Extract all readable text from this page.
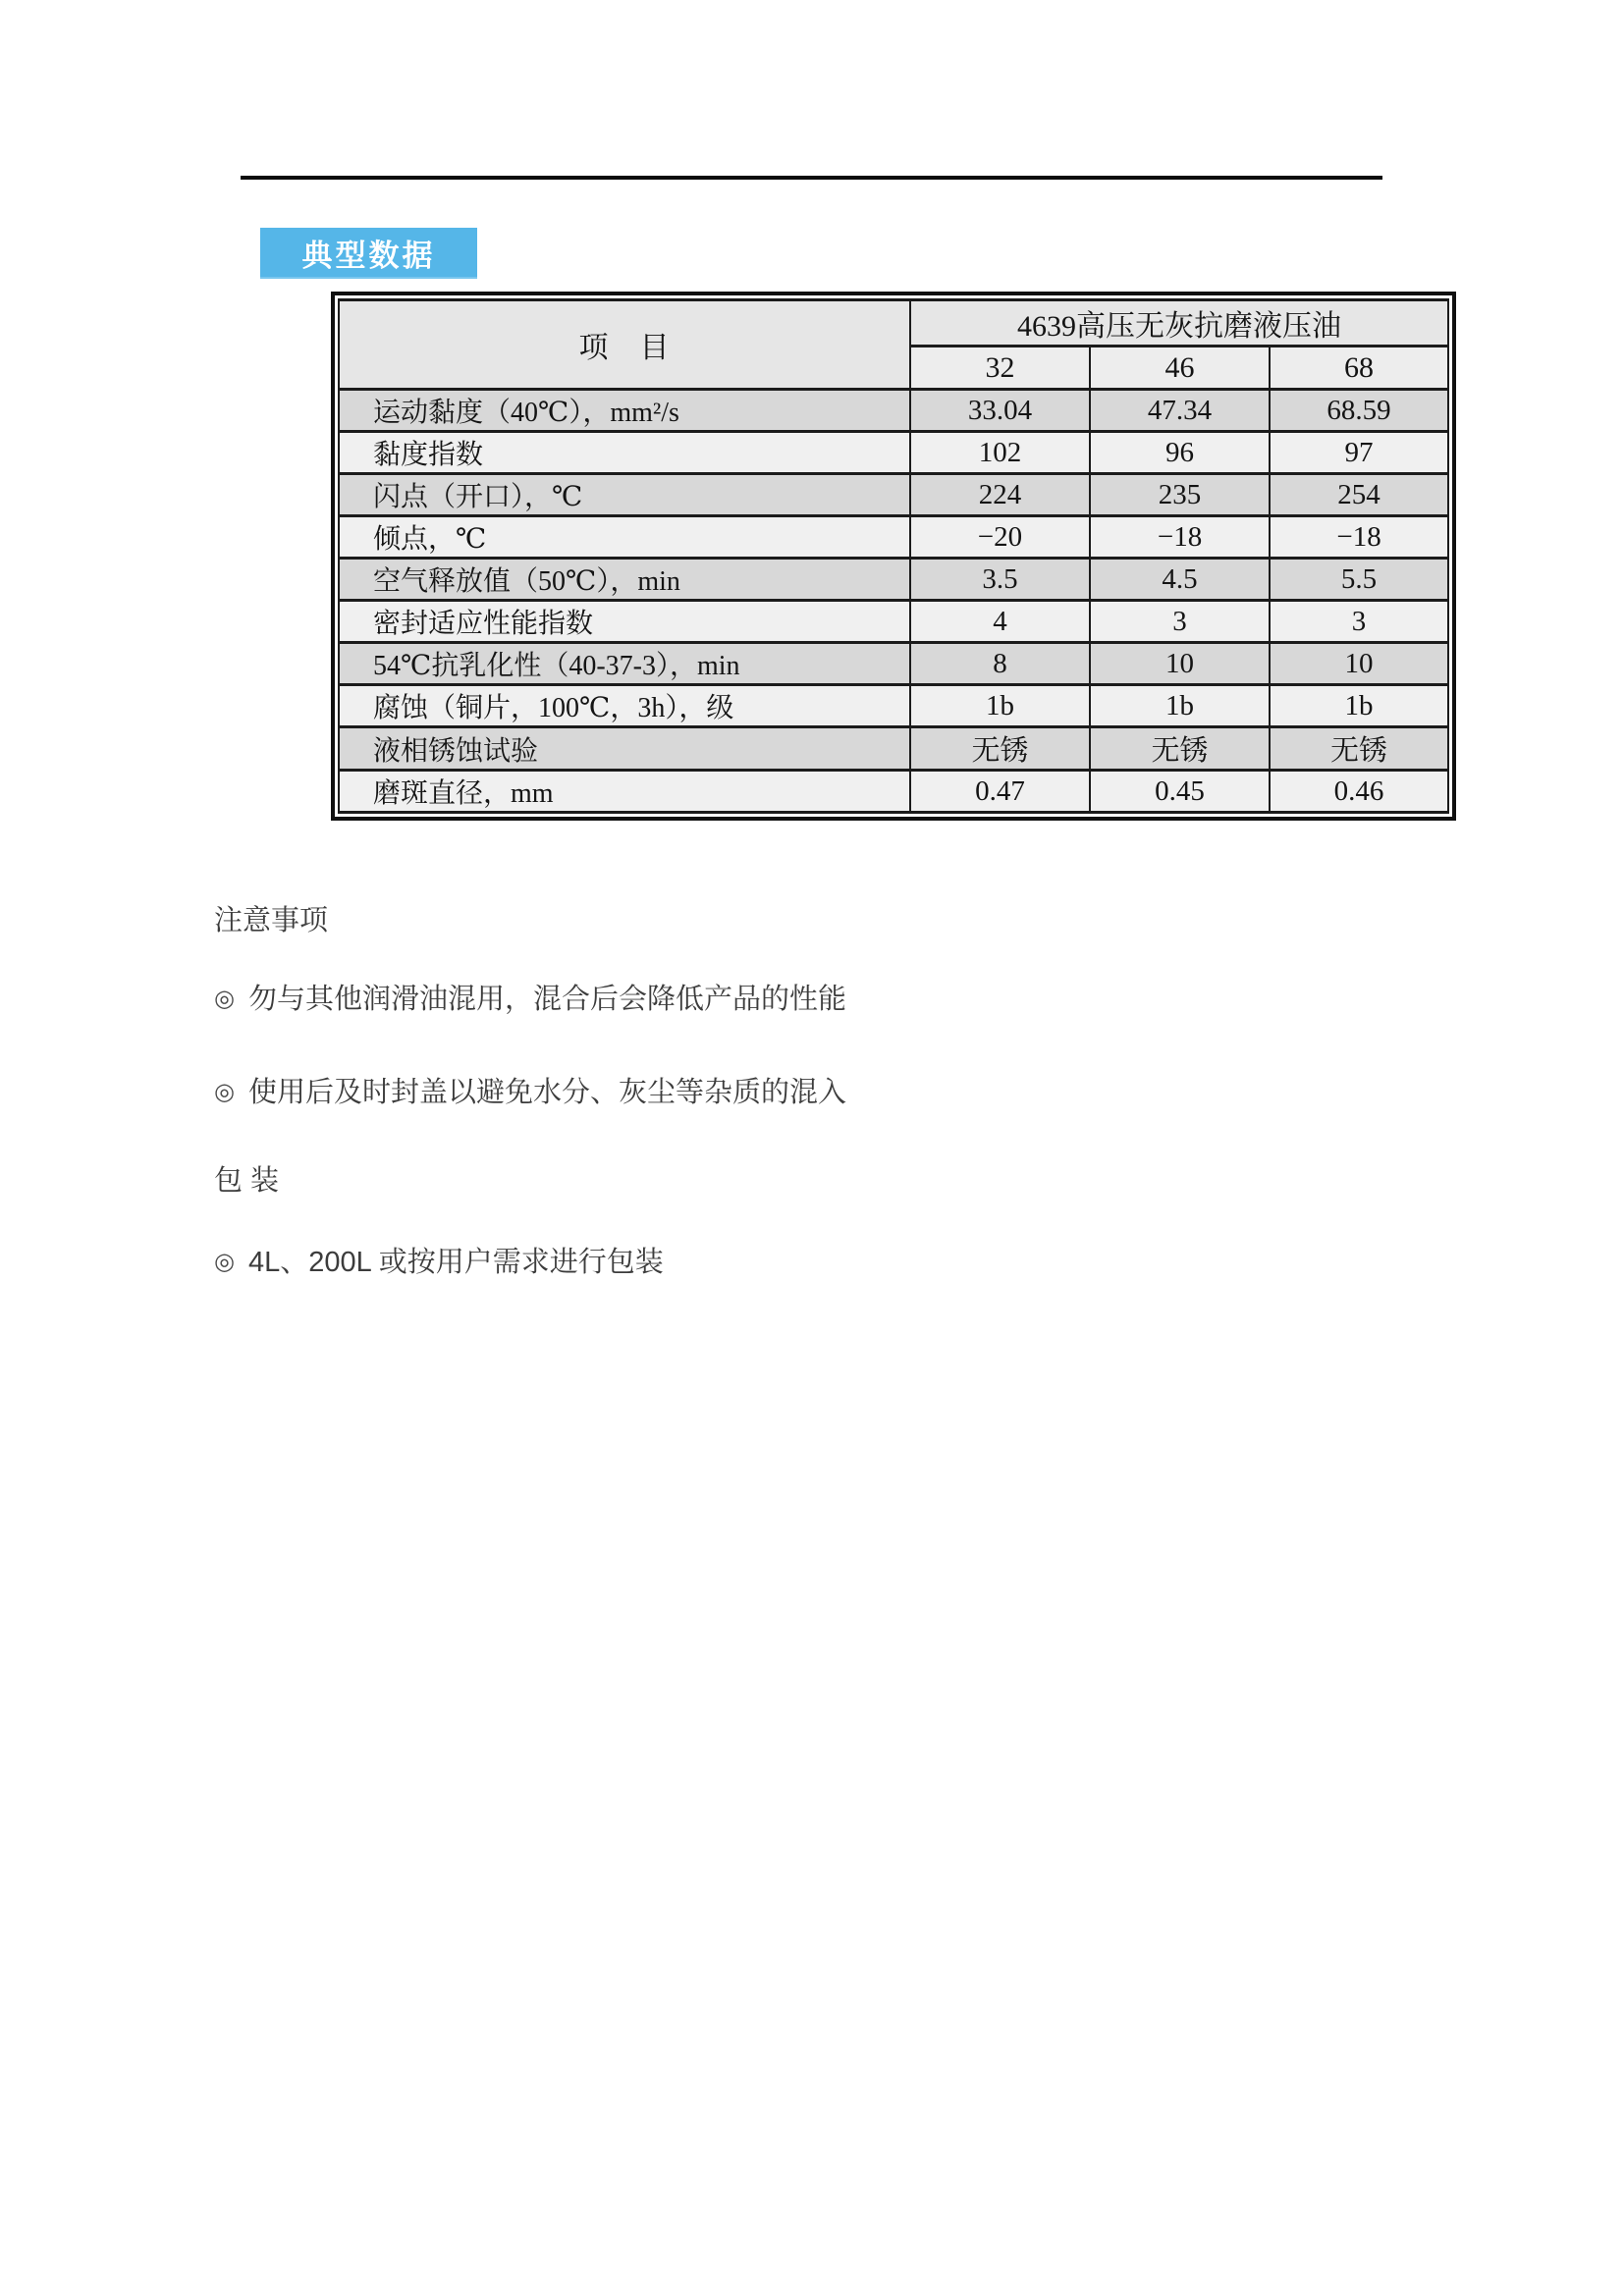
典型数据
项　目	4639高压无灰抗磨液压油		
	32	46	68
运动黏度（40℃），mm²/s	33.04	47.34	68.59
黏度指数	102	96	97
闪点（开口），℃	224	235	254
倾点，℃	−20	−18	−18
空气释放值（50℃），min	3.5	4.5	5.5
密封适应性能指数	4	3	3
54℃抗乳化性（40-37-3），min	8	10	10
腐蚀（铜片，100℃，3h），级	1b	1b	1b
液相锈蚀试验	无锈	无锈	无锈
磨斑直径，mm	0.47	0.45	0.46
注意事项
◎ 勿与其他润滑油混用，混合后会降低产品的性能
◎ 使用后及时封盖以避免水分、灰尘等杂质的混入
包 装
◎ 4L、200L 或按用户需求进行包装
